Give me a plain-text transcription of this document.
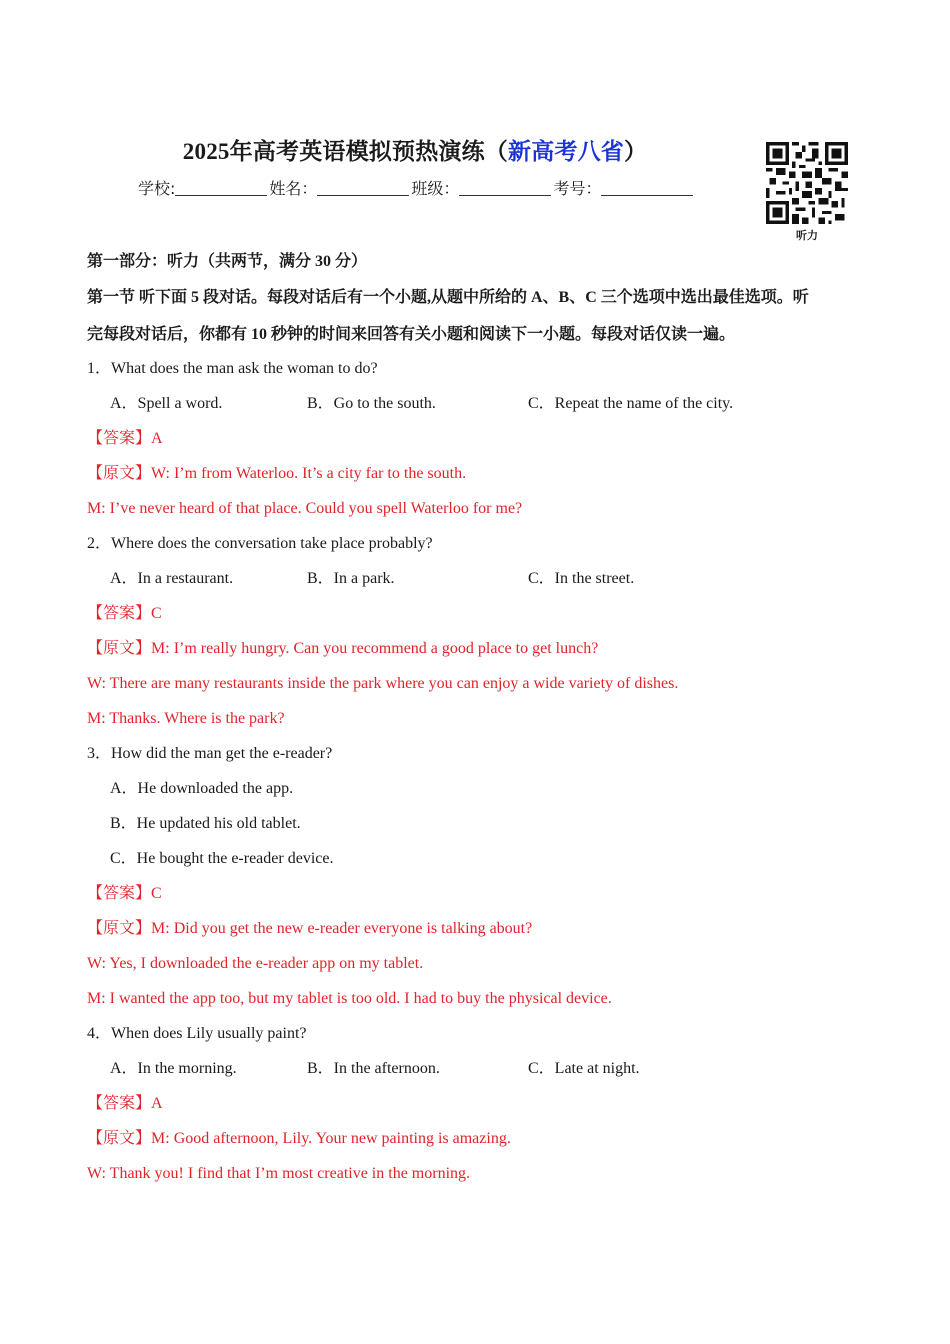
2025年高考英语模拟预热演练（新高考八省）
学校:	姓名：	班级：	考号：
听力
第一部分：听力（共两节，满分 30 分）
第一节 听下面 5 段对话。每段对话后有一个小题,从题中所给的 A、B、C 三个选项中选出最佳选项。听
完每段对话后，你都有 10 秒钟的时间来回答有关小题和阅读下一小题。每段对话仅读一遍。
1．What does the man ask the woman to do?
A．Spell a word.	B．Go to the south.	C．Repeat the name of the city.
【答案】A
【原文】W: I’m from Waterloo. It’s a city far to the south.
M: I’ve never heard of that place. Could you spell Waterloo for me?
2．Where does the conversation take place probably?
A．In a restaurant.	B．In a park.	C．In the street.
【答案】C
【原文】M: I’m really hungry. Can you recommend a good place to get lunch?
W: There are many restaurants inside the park where you can enjoy a wide variety of dishes.
M: Thanks. Where is the park?
3．How did the man get the e-reader?
A．He downloaded the app.
B．He updated his old tablet.
C．He bought the e-reader device.
【答案】C
【原文】M: Did you get the new e-reader everyone is talking about?
W: Yes, I downloaded the e-reader app on my tablet.
M: I wanted the app too, but my tablet is too old. I had to buy the physical device.
4．When does Lily usually paint?
A．In the morning.	B．In the afternoon.	C．Late at night.
【答案】A
【原文】M: Good afternoon, Lily. Your new painting is amazing.
W: Thank you! I find that I’m most creative in the morning.
